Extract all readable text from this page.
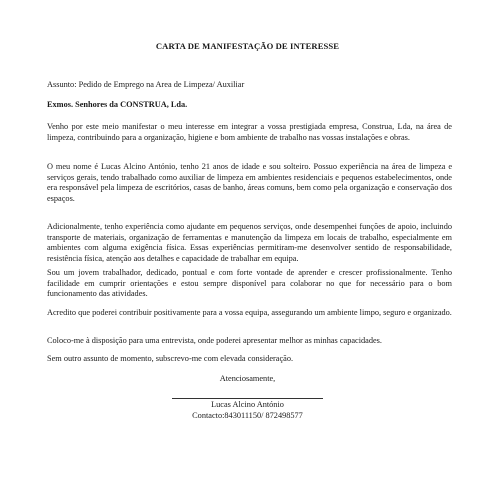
CARTA DE MANIFESTAÇÃO DE INTERESSE
Assunto: Pedido de Emprego na Area de Limpeza/ Auxiliar
Exmos. Senhores da CONSTRUA, Lda.
Venho por este meio manifestar o meu interesse em integrar a vossa prestigiada empresa, Construa, Lda, na área de limpeza, contribuindo para a organização, higiene e bom ambiente de trabalho nas vossas instalações e obras.
O meu nome é Lucas Alcino António, tenho 21 anos de idade e sou solteiro. Possuo experiência na área de limpeza e serviços gerais, tendo trabalhado como auxiliar de limpeza em ambientes residenciais e pequenos estabelecimentos, onde era responsável pela limpeza de escritórios, casas de banho, áreas comuns, bem como pela organização e conservação dos espaços.
Adicionalmente, tenho experiência como ajudante em pequenos serviços, onde desempenhei funções de apoio, incluindo transporte de materiais, organização de ferramentas e manutenção da limpeza em locais de trabalho, especialmente em ambientes com alguma exigência física. Essas experiências permitiram-me desenvolver sentido de responsabilidade, resistência física, atenção aos detalhes e capacidade de trabalhar em equipa.
Sou um jovem trabalhador, dedicado, pontual e com forte vontade de aprender e crescer profissionalmente. Tenho facilidade em cumprir orientações e estou sempre disponível para colaborar no que for necessário para o bom funcionamento das atividades.
Acredito que poderei contribuir positivamente para a vossa equipa, assegurando um ambiente limpo, seguro e organizado.
Coloco-me à disposição para uma entrevista, onde poderei apresentar melhor as minhas capacidades.
Sem outro assunto de momento, subscrevo-me com elevada consideração.
Atenciosamente,
Lucas Alcino António
Contacto:843011150/ 872498577
